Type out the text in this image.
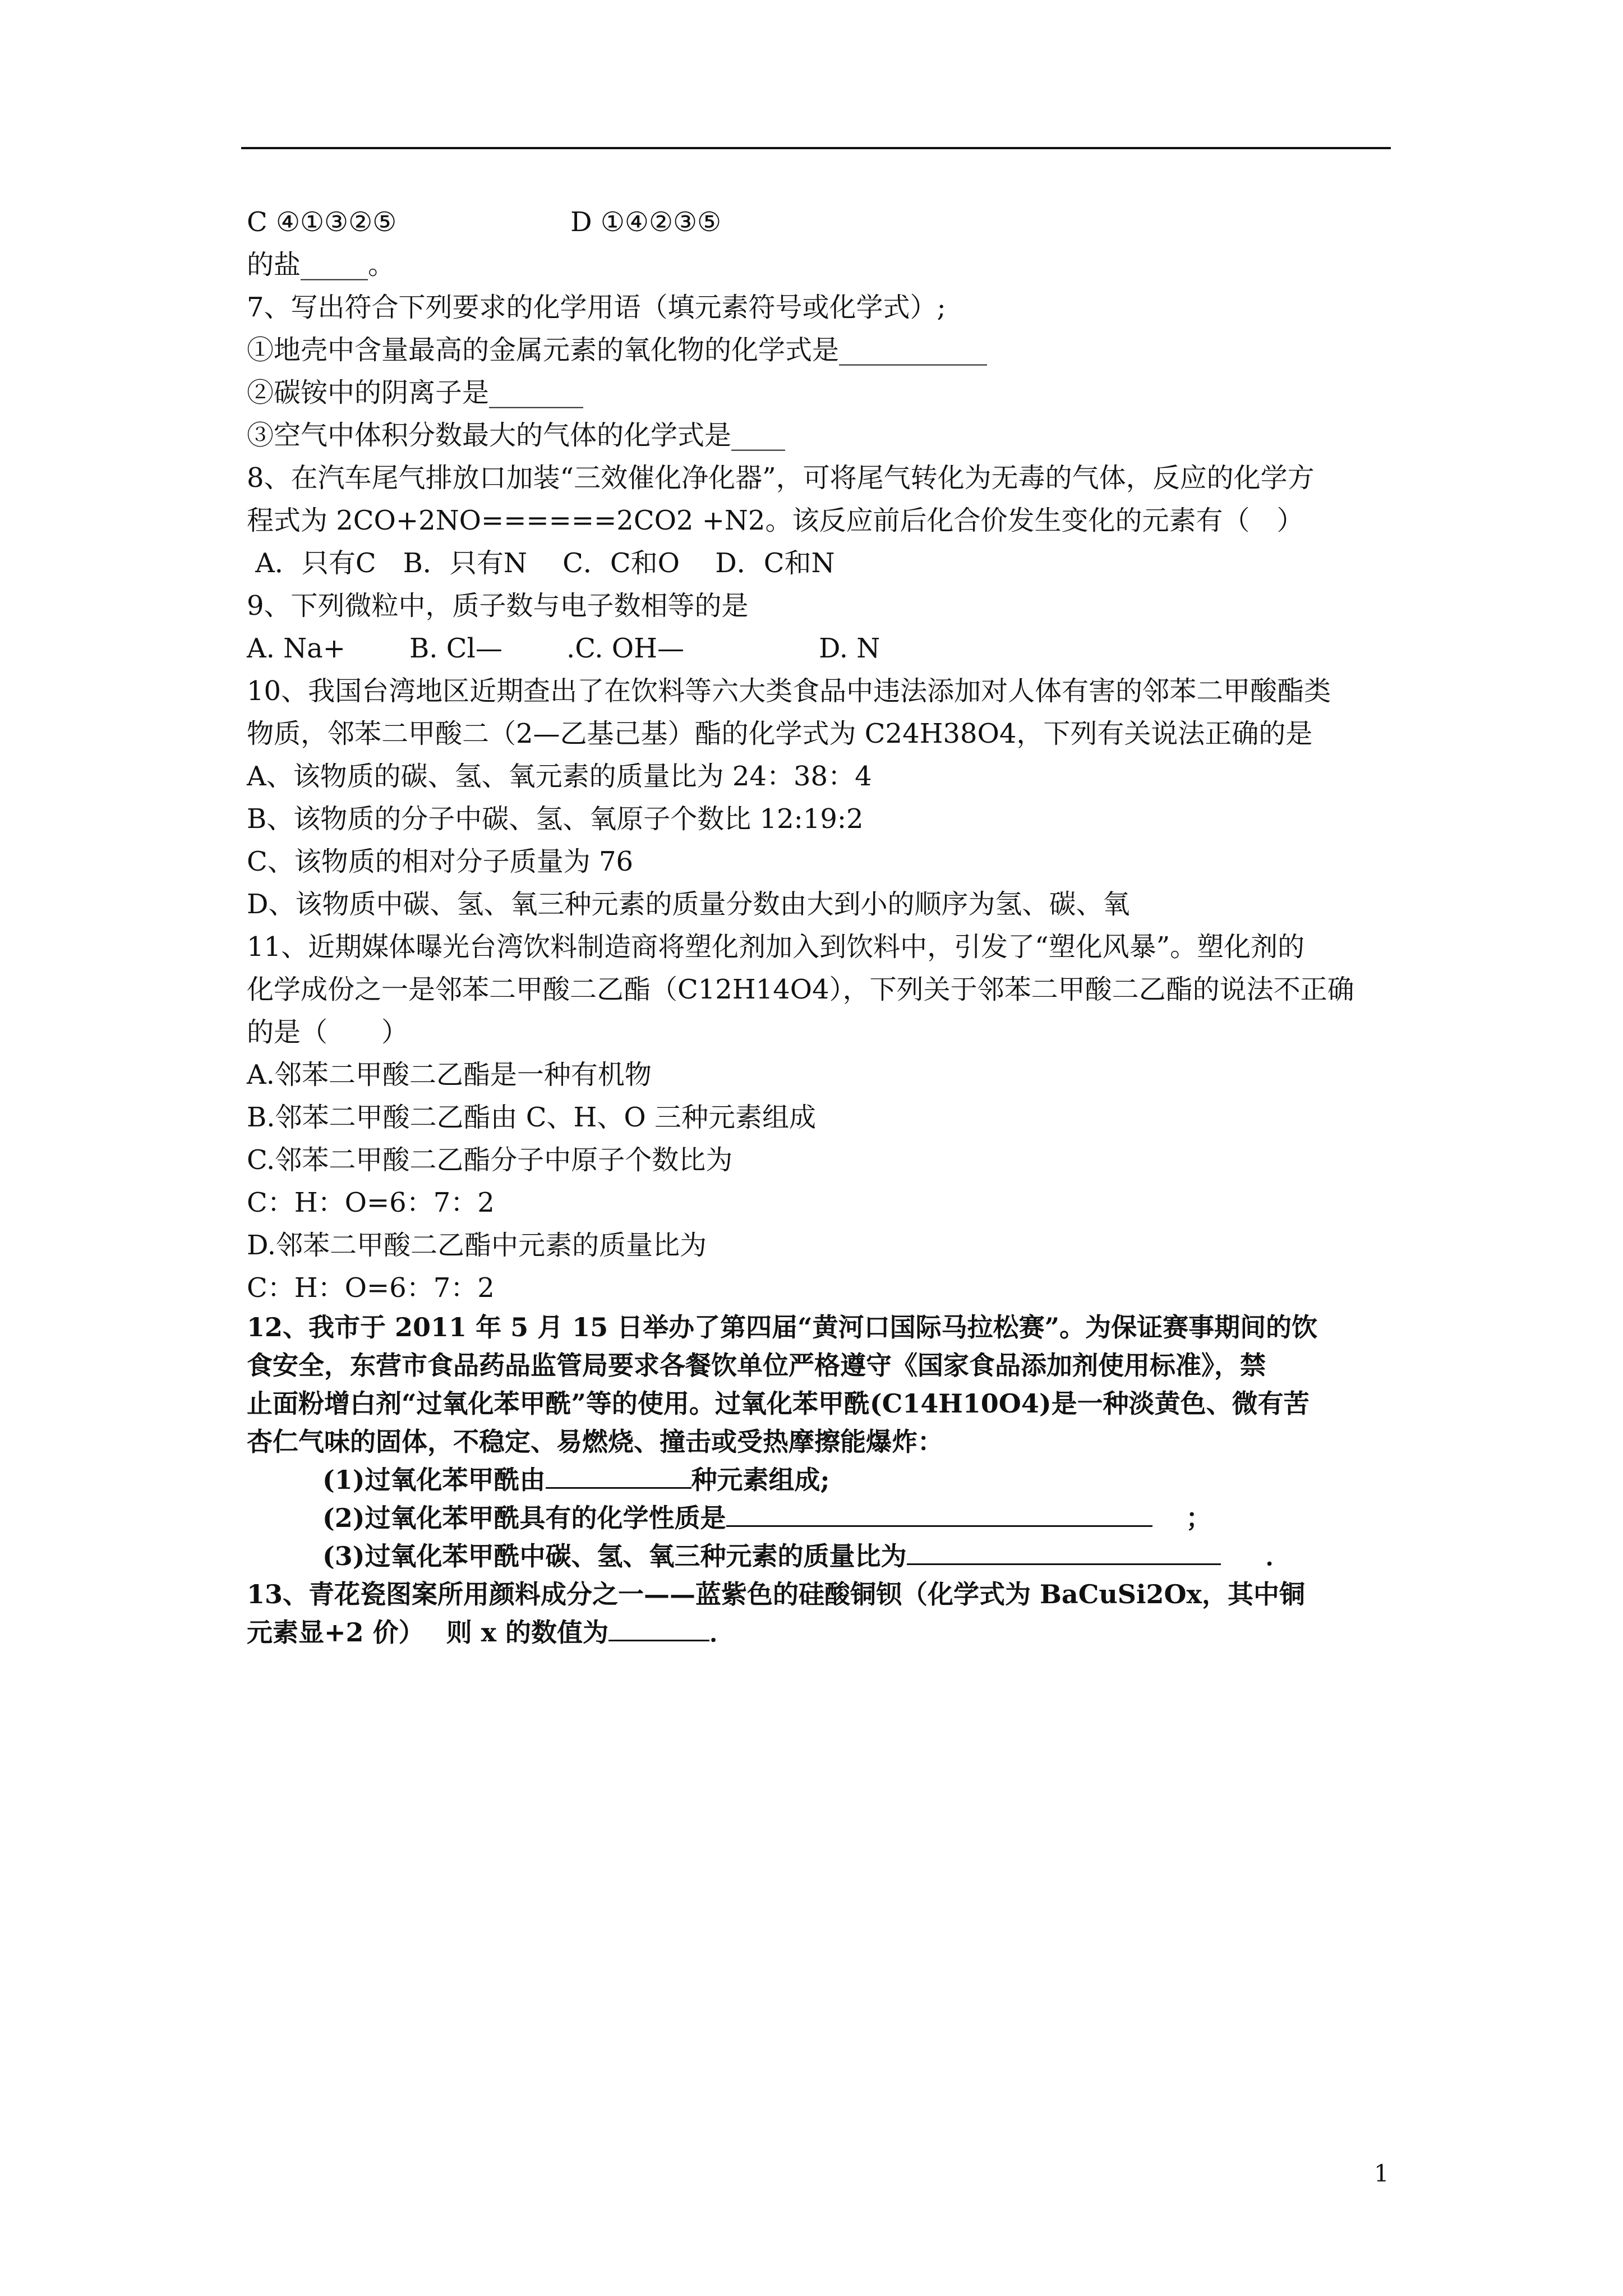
C ④①③②⑤	D ①④②③⑤
的盐_____。
7、写出符合下列要求的化学用语（填元素符号或化学式）;
①地壳中含量最高的金属元素的氧化物的化学式是___________
②碳铵中的阴离子是_______
③空气中体积分数最大的气体的化学式是____
8、在汽车尾气排放口加装“三效催化净化器”，可将尾气转化为无毒的气体，反应的化学方
程式为 2CO+2NO======2CO2 +N2。该反应前后化合价发生变化的元素有（　）
A．只有C　B．只有N　 C．C和O　 D．C和N
9、下列微粒中，质子数与电子数相等的是
A. Na+ B. Cl— .C. OH—	D. N
10、我国台湾地区近期查出了在饮料等六大类食品中违法添加对人体有害的邻苯二甲酸酯类
物质，邻苯二甲酸二（2—乙基己基）酯的化学式为 C24H38O4，下列有关说法正确的是
A、该物质的碳、氢、氧元素的质量比为 24：38：4
B、该物质的分子中碳、氢、氧原子个数比 12:19:2
C、该物质的相对分子质量为 76
D、该物质中碳、氢、氧三种元素的质量分数由大到小的顺序为氢、碳、氧
11、近期媒体曝光台湾饮料制造商将塑化剂加入到饮料中，引发了“塑化风暴”。塑化剂的
化学成份之一是邻苯二甲酸二乙酯（C12H14O4），下列关于邻苯二甲酸二乙酯的说法不正确
的是（　　）
A.邻苯二甲酸二乙酯是一种有机物
B.邻苯二甲酸二乙酯由 C、H、O 三种元素组成
C.邻苯二甲酸二乙酯分子中原子个数比为
C：H：O=6：7：2
D.邻苯二甲酸二乙酯中元素的质量比为
C：H：O=6：7：2
12、我市于 2011 年 5 月 15 日举办了第四届“黄河口国际马拉松赛”。为保证赛事期间的饮
食安全，东营市食品药品监管局要求各餐饮单位严格遵守《国家食品添加剂使用标准》，禁
止面粉增白剂“过氧化苯甲酰”等的使用。过氧化苯甲酰(C14H10O4)是一种淡黄色、微有苦
杏仁气味的固体，不稳定、易燃烧、撞击或受热摩擦能爆炸：
(1)过氧化苯甲酰由	种元素组成;
(2)过氧化苯甲酰具有的化学性质是	；
(3)过氧化苯甲酰中碳、氢、氧三种元素的质量比为	．
13、青花瓷图案所用颜料成分之一——蓝紫色的硅酸铜钡（化学式为 BaCuSi2Ox，其中铜
元素显+2 价）　 则 x 的数值为	．
1
